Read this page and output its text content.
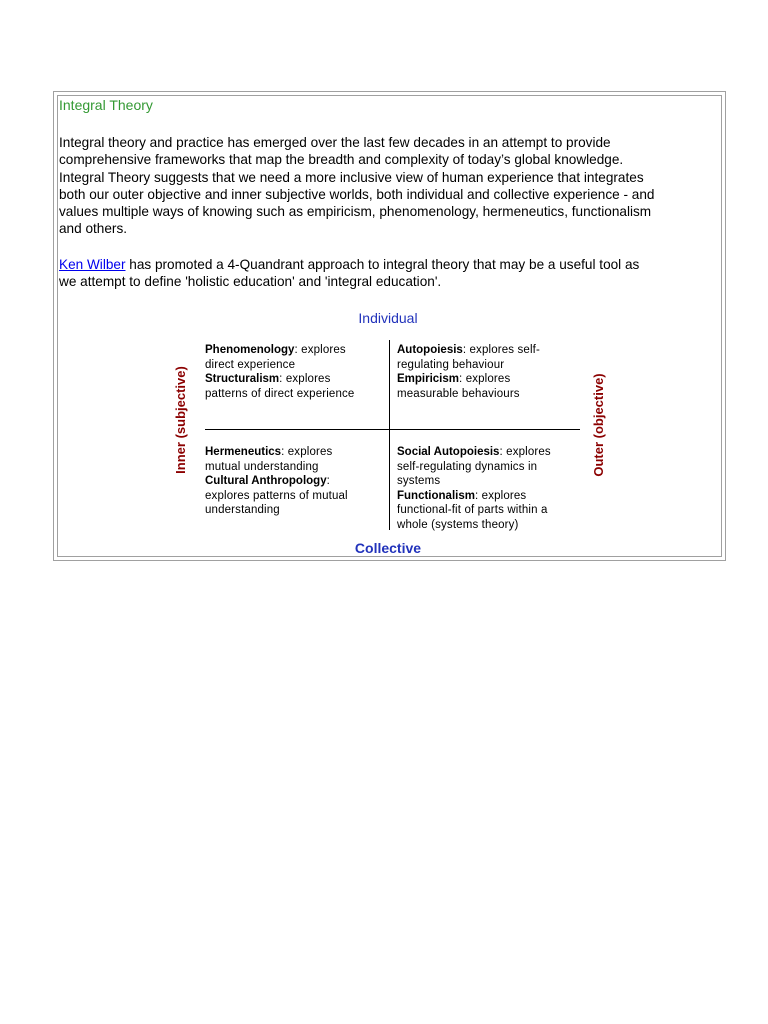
Integral Theory
Integral theory and practice has emerged over the last few decades in an attempt to provide
comprehensive frameworks that map the breadth and complexity of today’s global knowledge.
Integral Theory suggests that we need a more inclusive view of human experience that integrates
both our outer objective and inner subjective worlds, both individual and collective experience - and
values multiple ways of knowing such as empiricism, phenomenology, hermeneutics, functionalism
and others.
Ken Wilber has promoted a 4-Quandrant approach to integral theory that may be a useful tool as
we attempt to define 'holistic education' and 'integral education'.
Individual
Collective
Inner (subjective)	Outer (objective)
Phenomenology: explores
direct experience
Structuralism: explores
patterns of direct experience
Autopoiesis: explores self-
regulating behaviour
Empiricism: explores
measurable behaviours
Hermeneutics: explores
mutual understanding
Cultural Anthropology:
explores patterns of mutual
understanding
Social Autopoiesis: explores
self-regulating dynamics in
systems
Functionalism: explores
functional-fit of parts within a
whole (systems theory)
